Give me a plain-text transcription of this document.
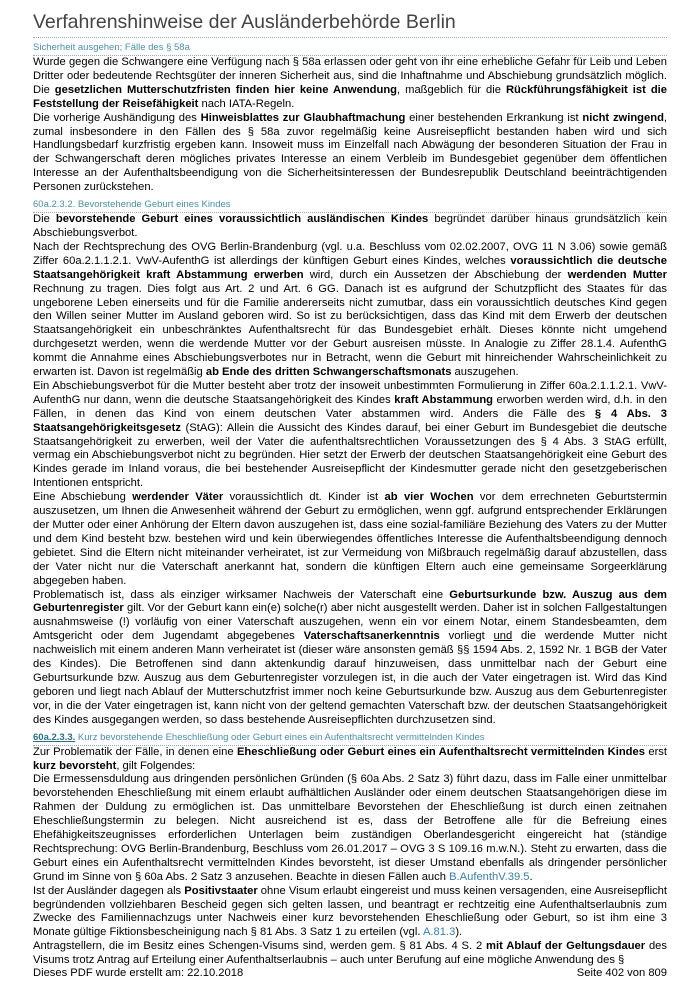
Verfahrenshinweise der Ausländerbehörde Berlin
Sicherheit ausgehen; Fälle des § 58a

Wurde gegen die Schwangere eine Verfügung nach § 58a erlassen oder geht von ihr eine erhebliche Gefahr für Leib und Leben Dritter oder bedeutende Rechtsgüter der inneren Sicherheit aus, sind die Inhaftnahme und Abschiebung grundsätzlich möglich. Die gesetzlichen Mutterschutzfristen finden hier keine Anwendung, maßgeblich für die Rückführungsfähigkeit ist die Feststellung der Reisefähigkeit nach IATA-Regeln.

Die vorherige Aushändigung des Hinweisblattes zur Glaubhaftmachung einer bestehenden Erkrankung ist nicht zwingend, zumal insbesondere in den Fällen des § 58a zuvor regelmäßig keine Ausreisepflicht bestanden haben wird und sich Handlungsbedarf kurzfristig ergeben kann. Insoweit muss im Einzelfall nach Abwägung der besonderen Situation der Frau in der Schwangerschaft deren mögliches privates Interesse an einem Verbleib im Bundesgebiet gegenüber dem öffentlichen Interesse an der Aufenthaltsbeendigung von die Sicherheitsinteressen der Bundesrepublik Deutschland beeinträchtigenden Personen zurückstehen.

60a.2.3.2. Bevorstehende Geburt eines Kindes

Die bevorstehende Geburt eines voraussichtlich ausländischen Kindes begründet darüber hinaus grundsätzlich kein Abschiebungsverbot.

Nach der Rechtsprechung des OVG Berlin-Brandenburg (vgl. u.a. Beschluss vom 02.02.2007, OVG 11 N 3.06) sowie gemäß Ziffer 60a.2.1.1.2.1. VwV-AufenthG ist allerdings der künftigen Geburt eines Kindes, welches voraussichtlich die deutsche Staatsangehörigkeit kraft Abstammung erwerben wird, durch ein Aussetzen der Abschiebung der werdenden Mutter Rechnung zu tragen. Dies folgt aus Art. 2 und Art. 6 GG. Danach ist es aufgrund der Schutzpflicht des Staates für das ungeborene Leben einerseits und für die Familie andererseits nicht zumutbar, dass ein voraussichtlich deutsches Kind gegen den Willen seiner Mutter im Ausland geboren wird. So ist zu berücksichtigen, dass das Kind mit dem Erwerb der deutschen Staatsangehörigkeit ein unbeschränktes Aufenthaltsrecht für das Bundesgebiet erhält. Dieses könnte nicht umgehend durchgesetzt werden, wenn die werdende Mutter vor der Geburt ausreisen müsste. In Analogie zu Ziffer 28.1.4. AufenthG kommt die Annahme eines Abschiebungsverbotes nur in Betracht, wenn die Geburt mit hinreichender Wahrscheinlichkeit zu erwarten ist. Davon ist regelmäßig ab Ende des dritten Schwangerschaftsmonats auszugehen.

Ein Abschiebungsverbot für die Mutter besteht aber trotz der insoweit unbestimmten Formulierung in Ziffer 60a.2.1.1.2.1. VwV-AufenthG nur dann, wenn die deutsche Staatsangehörigkeit des Kindes kraft Abstammung erworben werden wird, d.h. in den Fällen, in denen das Kind von einem deutschen Vater abstammen wird. Anders die Fälle des § 4 Abs. 3 Staatsangehörigkeitsgesetz (StAG): Allein die Aussicht des Kindes darauf, bei einer Geburt im Bundesgebiet die deutsche Staatsangehörigkeit zu erwerben, weil der Vater die aufenthaltsrechtlichen Voraussetzungen des § 4 Abs. 3 StAG erfüllt, vermag ein Abschiebungsverbot nicht zu begründen. Hier setzt der Erwerb der deutschen Staatsangehörigkeit eine Geburt des Kindes gerade im Inland voraus, die bei bestehender Ausreisepflicht der Kindesmutter gerade nicht den gesetzgeberischen Intentionen entspricht.

Eine Abschiebung werdender Väter voraussichtlich dt. Kinder ist ab vier Wochen vor dem errechneten Geburtstermin auszusetzen, um Ihnen die Anwesenheit während der Geburt zu ermöglichen, wenn ggf. aufgrund entsprechender Erklärungen der Mutter oder einer Anhörung der Eltern davon auszugehen ist, dass eine sozial-familiäre Beziehung des Vaters zu der Mutter und dem Kind besteht bzw. bestehen wird und kein überwiegendes öffentliches Interesse die Aufenthaltsbeendigung dennoch gebietet. Sind die Eltern nicht miteinander verheiratet, ist zur Vermeidung von Mißbrauch regelmäßig darauf abzustellen, dass der Vater nicht nur die Vaterschaft anerkannt hat, sondern die künftigen Eltern auch eine gemeinsame Sorgeerklärung abgegeben haben.

Problematisch ist, dass als einziger wirksamer Nachweis der Vaterschaft eine Geburtsurkunde bzw. Auszug aus dem Geburtenregister gilt. Vor der Geburt kann ein(e) solche(r) aber nicht ausgestellt werden. Daher ist in solchen Fallgestaltungen ausnahmsweise (!) vorläufig von einer Vaterschaft auszugehen, wenn ein vor einem Notar, einem Standesbeamten, dem Amtsgericht oder dem Jugendamt abgegebenes Vaterschaftsanerkenntnis vorliegt und die werdende Mutter nicht nachweislich mit einem anderen Mann verheiratet ist (dieser wäre ansonsten gemäß §§ 1594 Abs. 2, 1592 Nr. 1 BGB der Vater des Kindes). Die Betroffenen sind dann aktenkundig darauf hinzuweisen, dass unmittelbar nach der Geburt eine Geburtsurkunde bzw. Auszug aus dem Geburtenregister vorzulegen ist, in die auch der Vater eingetragen ist. Wird das Kind geboren und liegt nach Ablauf der Mutterschutzfrist immer noch keine Geburtsurkunde bzw. Auszug aus dem Geburtenregister vor, in die der Vater eingetragen ist, kann nicht von der geltend gemachten Vaterschaft bzw. der deutschen Staatsangehörigkeit des Kindes ausgegangen werden, so dass bestehende Ausreisepflichten durchzusetzen sind.

60a.2.3.3. Kurz bevorstehende Eheschließung oder Geburt eines ein Aufenthaltsrecht vermittelnden Kindes

Zur Problematik der Fälle, in denen eine Eheschließung oder Geburt eines ein Aufenthaltsrecht vermittelnden Kindes erst kurz bevorsteht, gilt Folgendes:

Die Ermessensduldung aus dringenden persönlichen Gründen (§ 60a Abs. 2 Satz 3) führt dazu, dass im Falle einer unmittelbar bevorstehenden Eheschließung mit einem erlaubt aufhältlichen Ausländer oder einem deutschen Staatsangehörigen diese im Rahmen der Duldung zu ermöglichen ist. Das unmittelbare Bevorstehen der Eheschließung ist durch einen zeitnahen Eheschließungstermin zu belegen. Nicht ausreichend ist es, dass der Betroffene alle für die Befreiung eines Ehefähigkeitszeugnisses erforderlichen Unterlagen beim zuständigen Oberlandesgericht eingereicht hat (ständige Rechtsprechung: OVG Berlin-Brandenburg, Beschluss vom 26.01.2017 – OVG 3 S 109.16 m.w.N.). Steht zu erwarten, dass die Geburt eines ein Aufenthaltsrecht vermittelnden Kindes bevorsteht, ist dieser Umstand ebenfalls als dringender persönlicher Grund im Sinne von § 60a Abs. 2 Satz 3 anzusehen. Beachte in diesen Fällen auch B.AufenthV.39.5.

Ist der Ausländer dagegen als Positivstaater ohne Visum erlaubt eingereist und muss keinen versagenden, eine Ausreisepflicht begründenden vollziehbaren Bescheid gegen sich gelten lassen, und beantragt er rechtzeitig eine Aufenthaltserlaubnis zum Zwecke des Familiennachzugs unter Nachweis einer kurz bevorstehenden Eheschließung oder Geburt, so ist ihm eine 3 Monate gültige Fiktionsbescheinigung nach § 81 Abs. 3 Satz 1 zu erteilen (vgl. A.81.3).

Antragstellern, die im Besitz eines Schengen-Visums sind, werden gem. § 81 Abs. 4 S. 2 mit Ablauf der Geltungsdauer des Visums trotz Antrag auf Erteilung einer Aufenthaltserlaubnis – auch unter Berufung auf eine mögliche Anwendung des §

Dieses PDF wurde erstellt am: 22.10.2018	Seite 402 von 809
